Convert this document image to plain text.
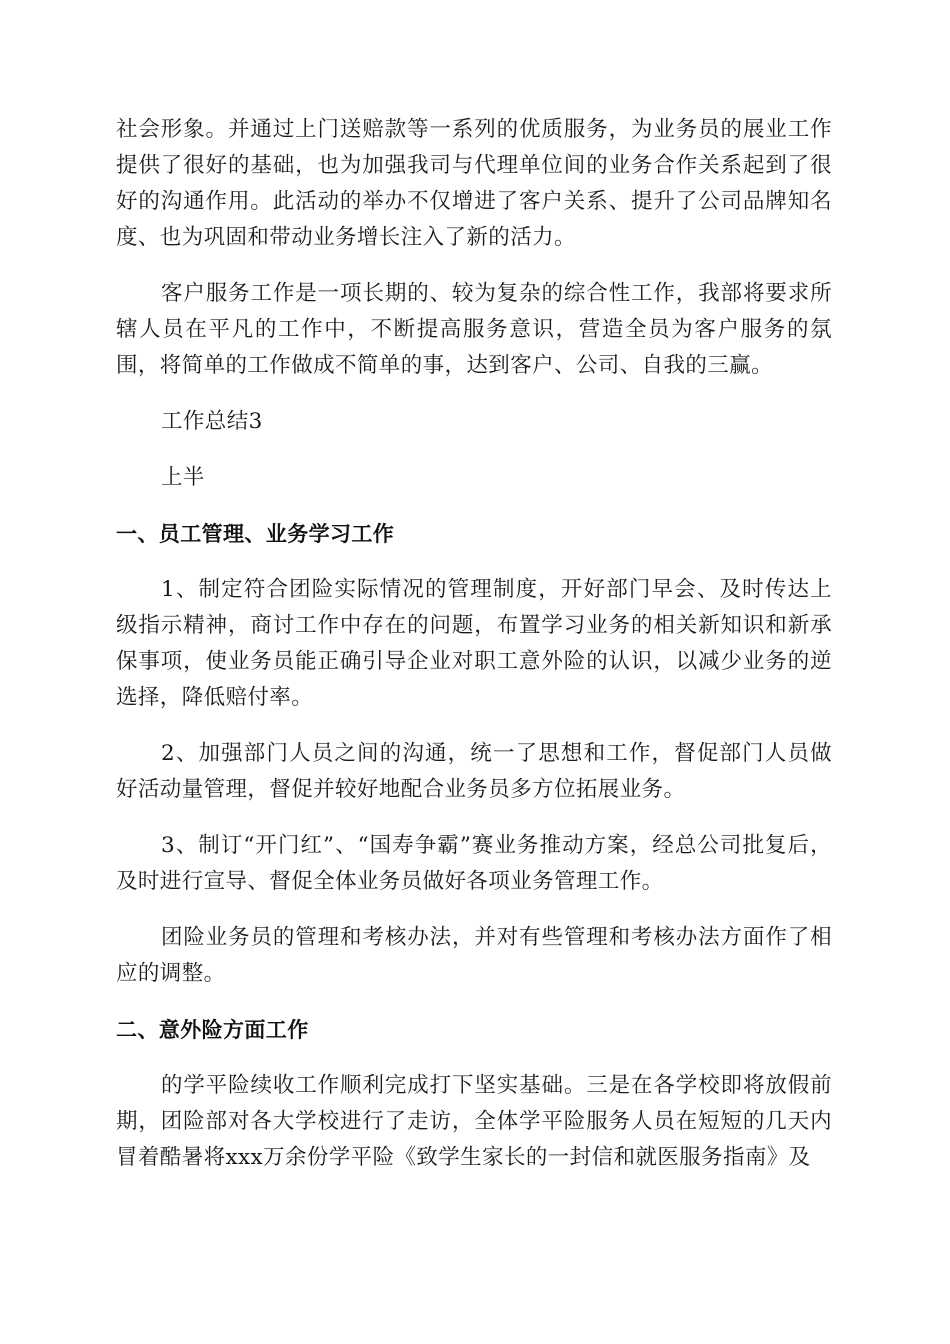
社会形象。并通过上门送赔款等一系列的优质服务，为业务员的展业工作提供了很好的基础，也为加强我司与代理单位间的业务合作关系起到了很好的沟通作用。此活动的举办不仅增进了客户关系、提升了公司品牌知名度、也为巩固和带动业务增长注入了新的活力。

客户服务工作是一项长期的、较为复杂的综合性工作，我部将要求所辖人员在平凡的工作中，不断提高服务意识，营造全员为客户服务的氛围，将简单的工作做成不简单的事，达到客户、公司、自我的三赢。

工作总结3

上半

一、员工管理、业务学习工作

1、制定符合团险实际情况的管理制度，开好部门早会、及时传达上级指示精神，商讨工作中存在的问题，布置学习业务的相关新知识和新承保事项，使业务员能正确引导企业对职工意外险的认识，以减少业务的逆选择，降低赔付率。

2、加强部门人员之间的沟通，统一了思想和工作，督促部门人员做好活动量管理，督促并较好地配合业务员多方位拓展业务。

3、制订“开门红”、“国寿争霸”赛业务推动方案，经总公司批复后，及时进行宣导、督促全体业务员做好各项业务管理工作。

团险业务员的管理和考核办法，并对有些管理和考核办法方面作了相应的调整。

二、意外险方面工作

的学平险续收工作顺利完成打下坚实基础。三是在各学校即将放假前期，团险部对各大学校进行了走访，全体学平险服务人员在短短的几天内冒着酷暑将xxx万余份学平险《致学生家长的一封信和就医服务指南》及
